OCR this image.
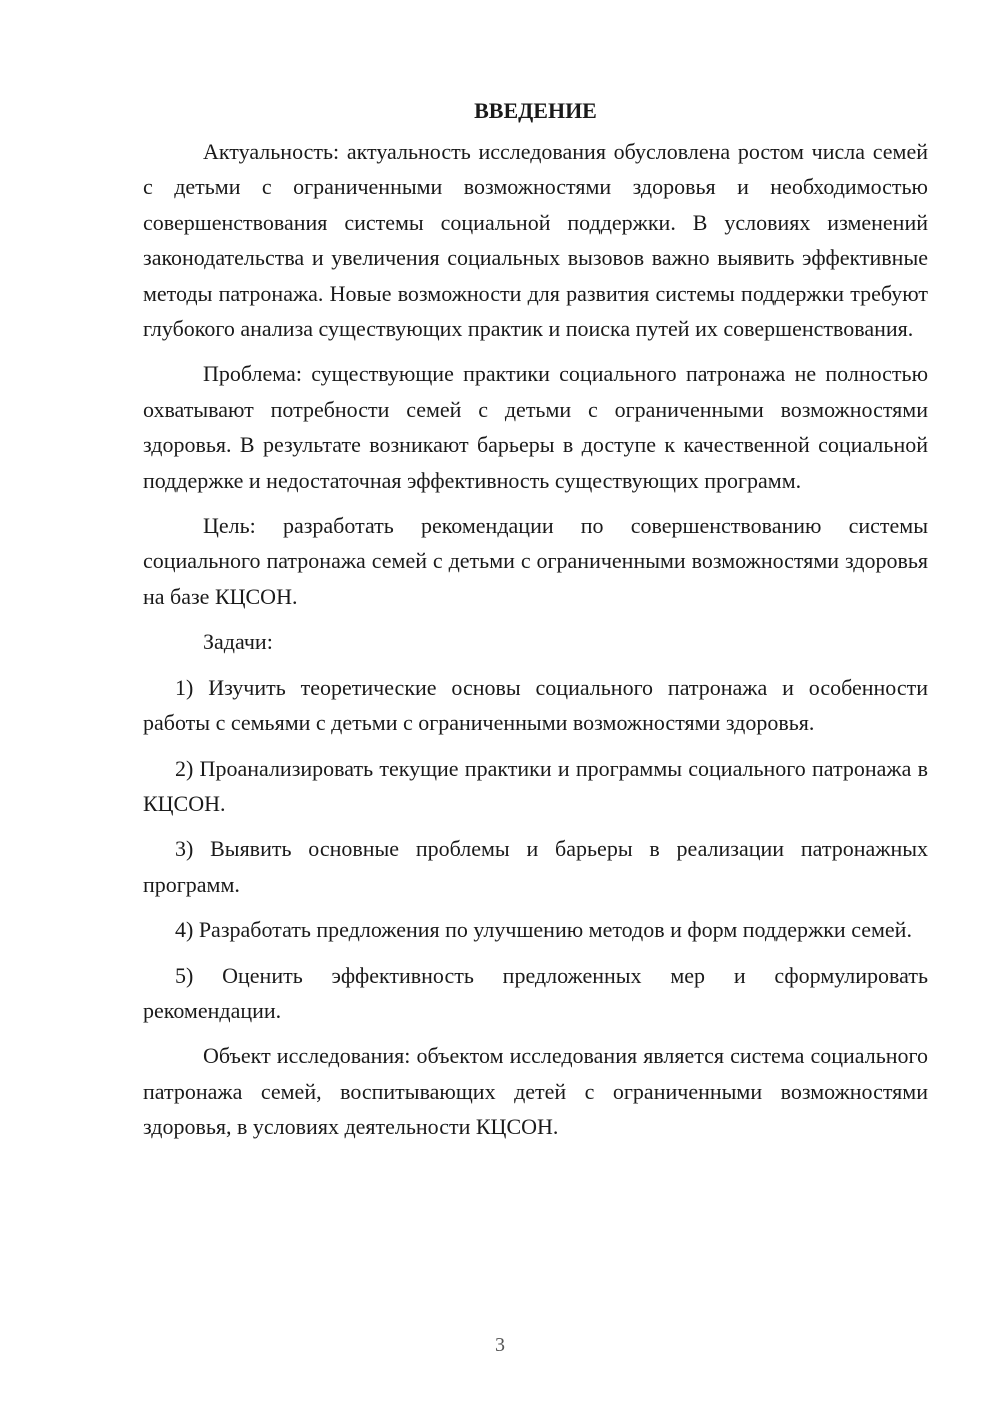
ВВЕДЕНИЕ

Актуальность: актуальность исследования обусловлена ростом числа семей с детьми с ограниченными возможностями здоровья и необходимостью совершенствования системы социальной поддержки. В условиях изменений законодательства и увеличения социальных вызовов важно выявить эффективные методы патронажа. Новые возможности для развития системы поддержки требуют глубокого анализа существующих практик и поиска путей их совершенствования.

Проблема: существующие практики социального патронажа не полностью охватывают потребности семей с детьми с ограниченными возможностями здоровья. В результате возникают барьеры в доступе к качественной социальной поддержке и недостаточная эффективность существующих программ.

Цель: разработать рекомендации по совершенствованию системы социального патронажа семей с детьми с ограниченными возможностями здоровья на базе КЦСОН.

Задачи:

1) Изучить теоретические основы социального патронажа и особенности работы с семьями с детьми с ограниченными возможностями здоровья.

2) Проанализировать текущие практики и программы социального патронажа в КЦСОН.

3) Выявить основные проблемы и барьеры в реализации патронажных программ.

4) Разработать предложения по улучшению методов и форм поддержки семей.

5) Оценить эффективность предложенных мер и сформулировать рекомендации.

Объект исследования: объектом исследования является система социального патронажа семей, воспитывающих детей с ограниченными возможностями здоровья, в условиях деятельности КЦСОН.

3
